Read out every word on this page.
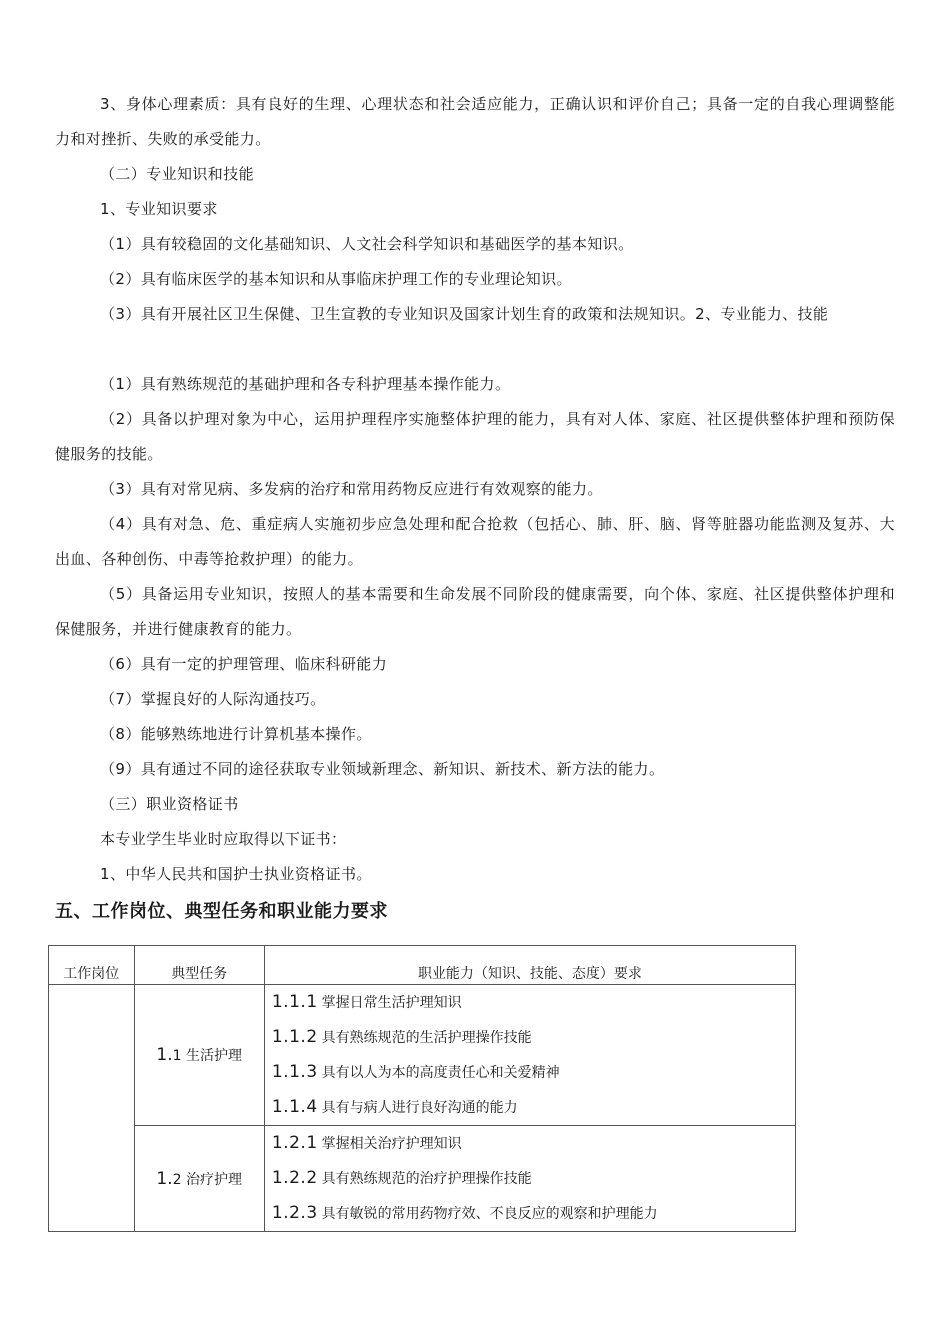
3、身体心理素质：具有良好的生理、心理状态和社会适应能力，正确认识和评价自己；具备一定的自我心理调整能力和对挫折、失败的承受能力。

（二）专业知识和技能

1、专业知识要求

（1）具有较稳固的文化基础知识、人文社会科学知识和基础医学的基本知识。

（2）具有临床医学的基本知识和从事临床护理工作的专业理论知识。

（3）具有开展社区卫生保健、卫生宣教的专业知识及国家计划生育的政策和法规知识。2、专业能力、技能

（1）具有熟练规范的基础护理和各专科护理基本操作能力。

（2）具备以护理对象为中心，运用护理程序实施整体护理的能力，具有对人体、家庭、社区提供整体护理和预防保健服务的技能。

（3）具有对常见病、多发病的治疗和常用药物反应进行有效观察的能力。

（4）具有对急、危、重症病人实施初步应急处理和配合抢救（包括心、肺、肝、脑、肾等脏器功能监测及复苏、大出血、各种创伤、中毒等抢救护理）的能力。

（5）具备运用专业知识，按照人的基本需要和生命发展不同阶段的健康需要，向个体、家庭、社区提供整体护理和保健服务，并进行健康教育的能力。

（6）具有一定的护理管理、临床科研能力

（7）掌握良好的人际沟通技巧。

（8）能够熟练地进行计算机基本操作。

（9）具有通过不同的途径获取专业领域新理念、新知识、新技术、新方法的能力。

（三）职业资格证书

本专业学生毕业时应取得以下证书：

1、中华人民共和国护士执业资格证书。

五、工作岗位、典型任务和职业能力要求
工作岗位	典型任务	职业能力（知识、技能、态度）要求
	1.1 生活护理	1.1.1 掌握日常生活护理知识
1.1.2 具有熟练规范的生活护理操作技能
1.1.3 具有以人为本的高度责任心和关爱精神
1.1.4 具有与病人进行良好沟通的能力

	1.2 治疗护理	1.2.1 掌握相关治疗护理知识
1.2.2 具有熟练规范的治疗护理操作技能
1.2.3 具有敏锐的常用药物疗效、不良反应的观察和护理能力
